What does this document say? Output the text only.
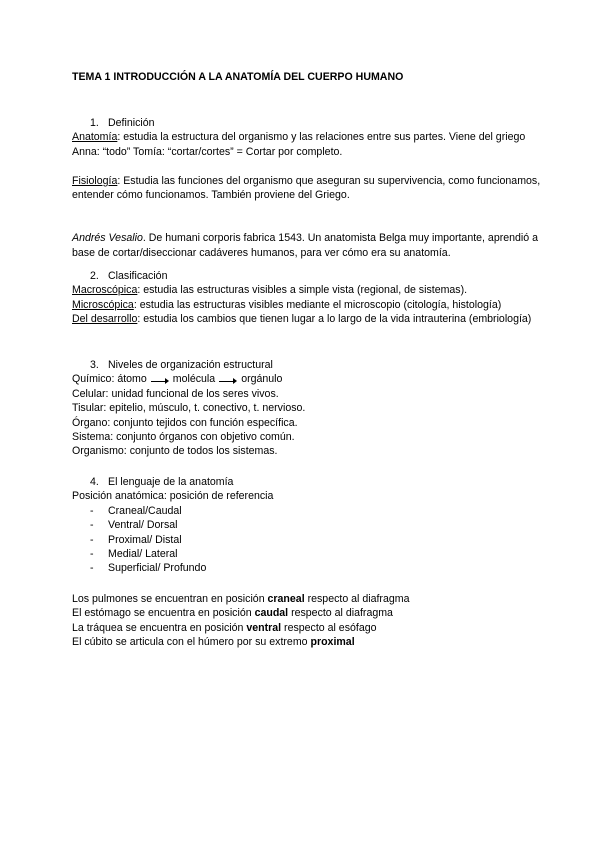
TEMA 1 INTRODUCCIÓN A LA ANATOMÍA DEL CUERPO HUMANO
1. Definición
Anatomía: estudia la estructura del organismo y las relaciones entre sus partes. Viene del griego Anna: “todo” Tomía: “cortar/cortes” = Cortar por completo.
Fisiología: Estudia las funciones del organismo que aseguran su supervivencia, como funcionamos, entender cómo funcionamos. También proviene del Griego.
Andrés Vesalio. De humani corporis fabrica 1543. Un anatomista Belga muy importante, aprendió a base de cortar/diseccionar cadáveres humanos, para ver cómo era su anatomía.
2. Clasificación
Macroscópica: estudia las estructuras visibles a simple vista (regional, de sistemas).
Microscópica: estudia las estructuras visibles mediante el microscopio (citología, histología)
Del desarrollo: estudia los cambios que tienen lugar a lo largo de la vida intrauterina (embriología)
3. Niveles de organización estructural
Químico: átomo molécula orgánulo
Celular: unidad funcional de los seres vivos.
Tisular: epitelio, músculo, t. conectivo, t. nervioso.
Órgano: conjunto tejidos con función específica.
Sistema: conjunto órganos con objetivo común.
Organismo: conjunto de todos los sistemas.
4. El lenguaje de la anatomía
Posición anatómica: posición de referencia
- Craneal/Caudal
- Ventral/ Dorsal
- Proximal/ Distal
- Medial/ Lateral
- Superficial/ Profundo
Los pulmones se encuentran en posición craneal respecto al diafragma
El estómago se encuentra en posición caudal respecto al diafragma
La tráquea se encuentra en posición ventral respecto al esófago
El cúbito se articula con el húmero por su extremo proximal
